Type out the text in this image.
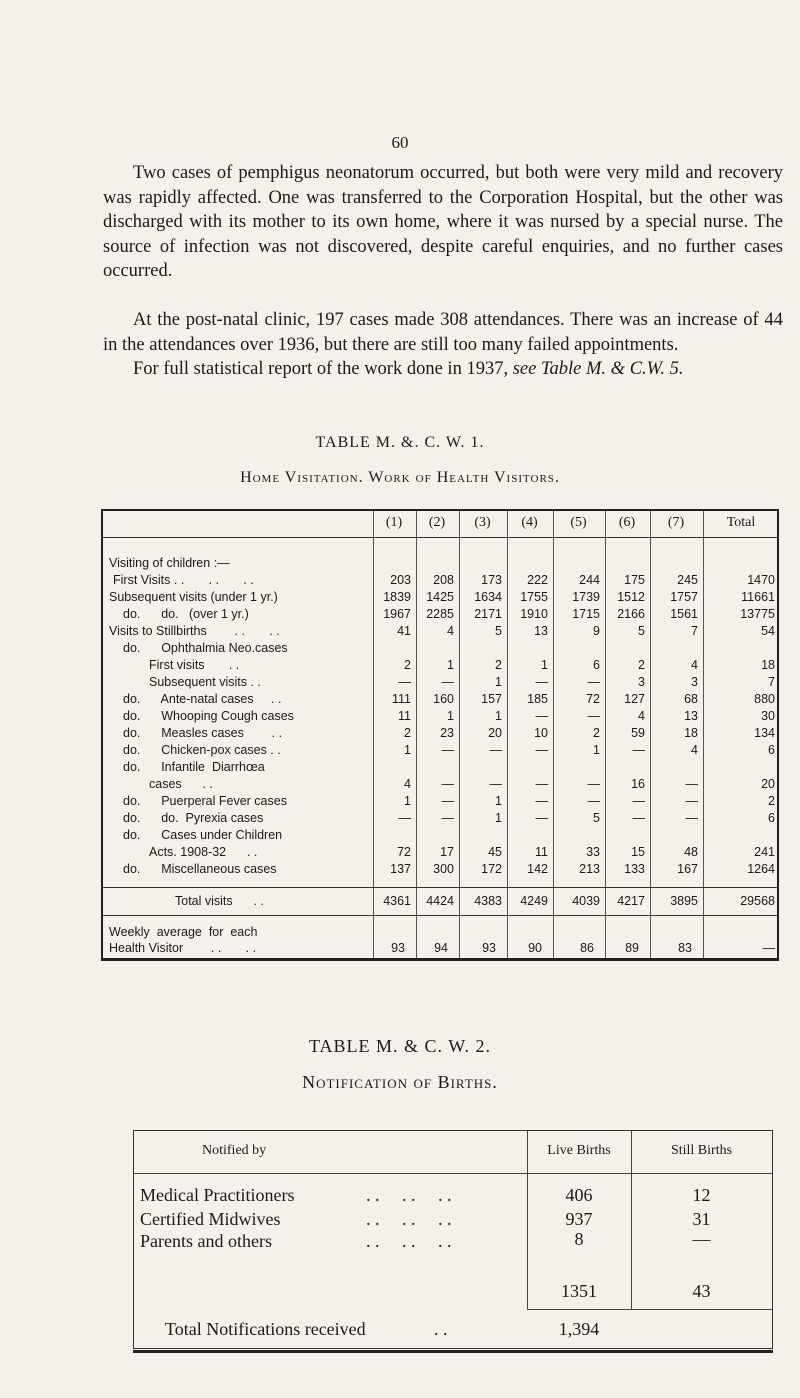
60

Two cases of pemphigus neonatorum occurred, but both were very mild and recovery was rapidly affected. One was transferred to the Corporation Hospital, but the other was discharged with its mother to its own home, where it was nursed by a special nurse. The source of infection was not discovered, despite careful enquiries, and no further cases occurred.

At the post-natal clinic, 197 cases made 308 attendances. There was an increase of 44 in the attendances over 1936, but there are still too many failed appointments.

For full statistical report of the work done in 1937, see Table M. & C.W. 5.

TABLE M. &. C. W. 1.
Home Visitation. Work of Health Visitors.
(1)	(2)	(3)	(4)	(5)	(6)	(7)	Total
Visiting of children :—
First Visits . .       . .       . .	203	208	173	222	244	175	245	1470
Subsequent visits (under 1 yr.)	1839	1425	1634	1755	1739	1512	1757	11661
do.      do.   (over 1 yr.)	1967	2285	2171	1910	1715	2166	1561	13775
Visits to Stillbirths        . .       . .	41	4	5	13	9	5	7	54
do.      Ophthalmia Neo.cases
First visits       . .	2	1	2	1	6	2	4	18
Subsequent visits . .	—	—	1	—	—	3	3	7
do.      Ante-natal cases     . .	111	160	157	185	72	127	68	880
do.      Whooping Cough cases	11	1	1	—	—	4	13	30
do.      Measles cases        . .	2	23	20	10	2	59	18	134
do.      Chicken-pox cases . .	1	—	—	—	1	—	4	6
do.      Infantile  Diarrhœa
cases      . .	4	—	—	—	—	16	—	20
do.      Puerperal Fever cases	1	—	1	—	—	—	—	2
do.      do.  Pyrexia cases	—	—	1	—	5	—	—	6
do.      Cases under Children
Acts. 1908-32      . .	72	17	45	11	33	15	48	241
do.      Miscellaneous cases	137	300	172	142	213	133	167	1264
Total visits      . .	4361	4424	4383	4249	4039	4217	3895	29568
Weekly  average  for  each
Health Visitor        . .       . .	93	94	93	90	86	89	83	—
TABLE M. & C. W. 2.
Notification of Births.
Notified by	Live Births	Still Births
Medical Practitioners	. .     . .     . .	406	12
Certified Midwives	. .     . .     . .	937	31
Parents and others	. .     . .     . .	8	—
1351	43
Total Notifications received	. .	1,394
